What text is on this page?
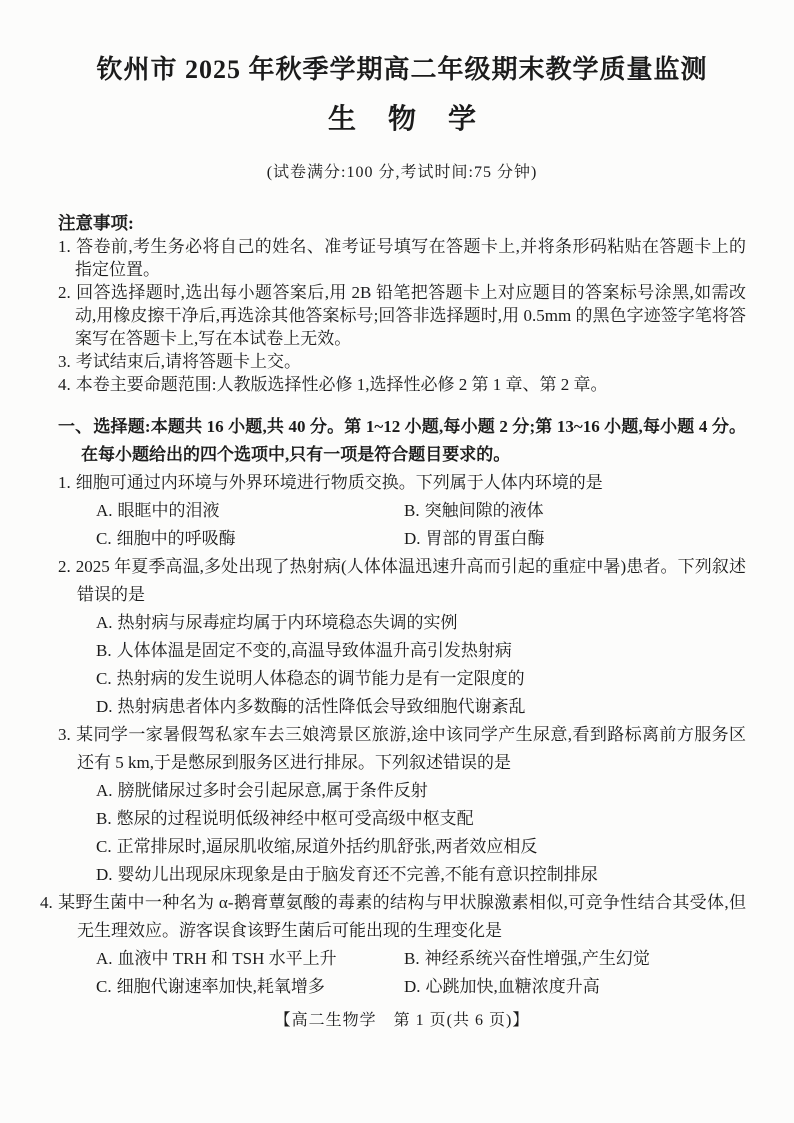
钦州市 2025 年秋季学期高二年级期末教学质量监测
生物学
(试卷满分:100 分,考试时间:75 分钟)
注意事项:
1. 答卷前,考生务必将自己的姓名、准考证号填写在答题卡上,并将条形码粘贴在答题卡上的指定位置。
2. 回答选择题时,选出每小题答案后,用 2B 铅笔把答题卡上对应题目的答案标号涂黑,如需改动,用橡皮擦干净后,再选涂其他答案标号;回答非选择题时,用 0.5mm 的黑色字迹签字笔将答案写在答题卡上,写在本试卷上无效。
3. 考试结束后,请将答题卡上交。
4. 本卷主要命题范围:人教版选择性必修 1,选择性必修 2 第 1 章、第 2 章。
一、选择题:本题共 16 小题,共 40 分。第 1~12 小题,每小题 2 分;第 13~16 小题,每小题 4 分。在每小题给出的四个选项中,只有一项是符合题目要求的。
1. 细胞可通过内环境与外界环境进行物质交换。下列属于人体内环境的是
A. 眼眶中的泪液	B. 突触间隙的液体
C. 细胞中的呼吸酶	D. 胃部的胃蛋白酶
2. 2025 年夏季高温,多处出现了热射病(人体体温迅速升高而引起的重症中暑)患者。下列叙述错误的是
A. 热射病与尿毒症均属于内环境稳态失调的实例
B. 人体体温是固定不变的,高温导致体温升高引发热射病
C. 热射病的发生说明人体稳态的调节能力是有一定限度的
D. 热射病患者体内多数酶的活性降低会导致细胞代谢紊乱
3. 某同学一家暑假驾私家车去三娘湾景区旅游,途中该同学产生尿意,看到路标离前方服务区还有 5 km,于是憋尿到服务区进行排尿。下列叙述错误的是
A. 膀胱储尿过多时会引起尿意,属于条件反射
B. 憋尿的过程说明低级神经中枢可受高级中枢支配
C. 正常排尿时,逼尿肌收缩,尿道外括约肌舒张,两者效应相反
D. 婴幼儿出现尿床现象是由于脑发育还不完善,不能有意识控制排尿
4. 某野生菌中一种名为 α-鹅膏蕈氨酸的毒素的结构与甲状腺激素相似,可竞争性结合其受体,但无生理效应。游客误食该野生菌后可能出现的生理变化是
A. 血液中 TRH 和 TSH 水平上升	B. 神经系统兴奋性增强,产生幻觉
C. 细胞代谢速率加快,耗氧增多	D. 心跳加快,血糖浓度升高
【高二生物学　第 1 页(共 6 页)】
